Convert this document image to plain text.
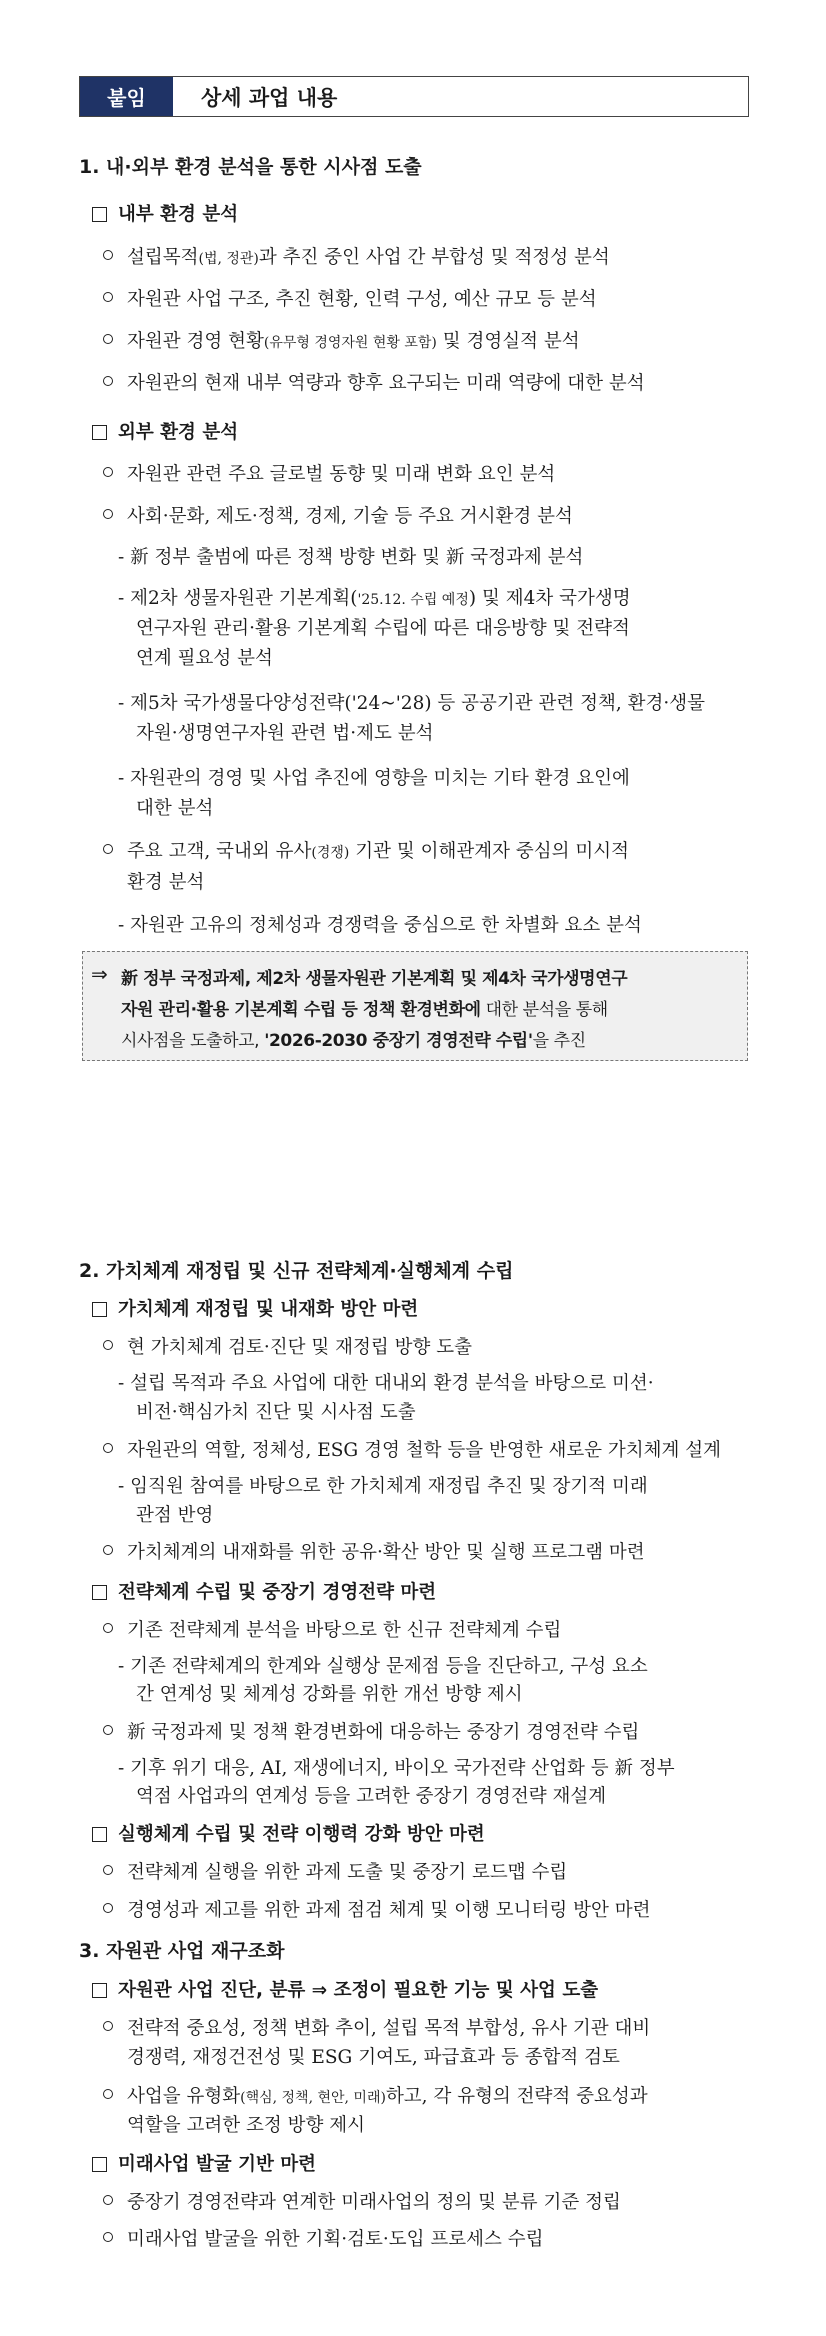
붙임	상세 과업 내용
1. 내·외부 환경 분석을 통한 시사점 도출
내부 환경 분석
설립목적(법, 정관)과 추진 중인 사업 간 부합성 및 적정성 분석
자원관 사업 구조, 추진 현황, 인력 구성, 예산 규모 등 분석
자원관 경영 현황(유무형 경영자원 현황 포함) 및 경영실적 분석
자원관의 현재 내부 역량과 향후 요구되는 미래 역량에 대한 분석
외부 환경 분석
자원관 관련 주요 글로벌 동향 및 미래 변화 요인 분석
사회·문화, 제도·정책, 경제, 기술 등 주요 거시환경 분석
- 新 정부 출범에 따른 정책 방향 변화 및 新 국정과제 분석
- 제2차 생물자원관 기본계획('25.12. 수립 예정) 및 제4차 국가생명
연구자원 관리·활용 기본계획 수립에 따른 대응방향 및 전략적
연계 필요성 분석
- 제5차 국가생물다양성전략('24~'28) 등 공공기관 관련 정책, 환경·생물
자원·생명연구자원 관련 법·제도 분석
- 자원관의 경영 및 사업 추진에 영향을 미치는 기타 환경 요인에
대한 분석
주요 고객, 국내외 유사(경쟁) 기관 및 이해관계자 중심의 미시적
환경 분석
- 자원관 고유의 정체성과 경쟁력을 중심으로 한 차별화 요소 분석
⇒ 新 정부 국정과제, 제2차 생물자원관 기본계획 및 제4차 국가생명연구
자원 관리·활용 기본계획 수립 등 정책 환경변화에 대한 분석을 통해
시사점을 도출하고, '2026-2030 중장기 경영전략 수립'을 추진
2. 가치체계 재정립 및 신규 전략체계·실행체계 수립
가치체계 재정립 및 내재화 방안 마련
현 가치체계 검토·진단 및 재정립 방향 도출
- 설립 목적과 주요 사업에 대한 대내외 환경 분석을 바탕으로 미션·
비전·핵심가치 진단 및 시사점 도출
자원관의 역할, 정체성, ESG 경영 철학 등을 반영한 새로운 가치체계 설계
- 임직원 참여를 바탕으로 한 가치체계 재정립 추진 및 장기적 미래
관점 반영
가치체계의 내재화를 위한 공유·확산 방안 및 실행 프로그램 마련
전략체계 수립 및 중장기 경영전략 마련
기존 전략체계 분석을 바탕으로 한 신규 전략체계 수립
- 기존 전략체계의 한계와 실행상 문제점 등을 진단하고, 구성 요소
간 연계성 및 체계성 강화를 위한 개선 방향 제시
新 국정과제 및 정책 환경변화에 대응하는 중장기 경영전략 수립
- 기후 위기 대응, AI, 재생에너지, 바이오 국가전략 산업화 등 新 정부
역점 사업과의 연계성 등을 고려한 중장기 경영전략 재설계
실행체계 수립 및 전략 이행력 강화 방안 마련
전략체계 실행을 위한 과제 도출 및 중장기 로드맵 수립
경영성과 제고를 위한 과제 점검 체계 및 이행 모니터링 방안 마련
3. 자원관 사업 재구조화
자원관 사업 진단, 분류 ⇒ 조정이 필요한 기능 및 사업 도출
전략적 중요성, 정책 변화 추이, 설립 목적 부합성, 유사 기관 대비
경쟁력, 재정건전성 및 ESG 기여도, 파급효과 등 종합적 검토
사업을 유형화(핵심, 정책, 현안, 미래)하고, 각 유형의 전략적 중요성과
역할을 고려한 조정 방향 제시
미래사업 발굴 기반 마련
중장기 경영전략과 연계한 미래사업의 정의 및 분류 기준 정립
미래사업 발굴을 위한 기획·검토·도입 프로세스 수립
